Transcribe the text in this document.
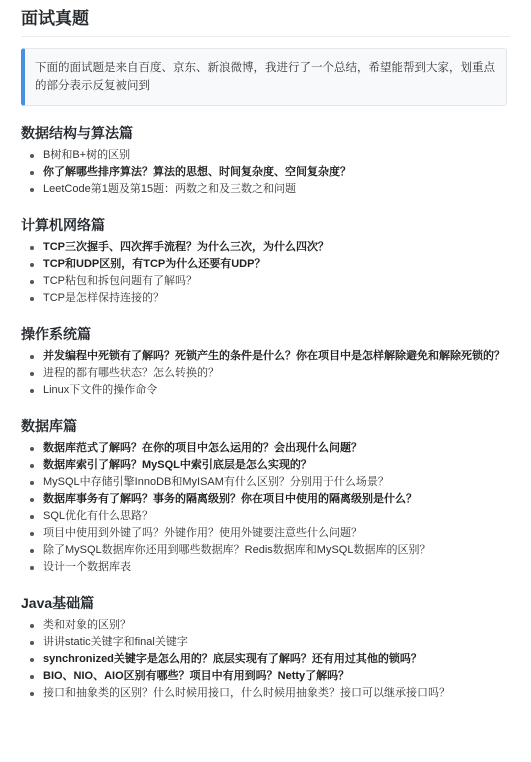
面试真题
下面的面试题是来自百度、京东、新浪微博，我进行了一个总结，希望能帮到大家，划重点的部分表示反复被问到
数据结构与算法篇
B树和B+树的区别
你了解哪些排序算法？算法的思想、时间复杂度、空间复杂度？
LeetCode第1题及第15题：两数之和及三数之和问题
计算机网络篇
TCP三次握手、四次挥手流程？为什么三次，为什么四次？
TCP和UDP区别，有TCP为什么还要有UDP？
TCP粘包和拆包问题有了解吗？
TCP是怎样保持连接的？
操作系统篇
并发编程中死锁有了解吗？死锁产生的条件是什么？你在项目中是怎样解除避免和解除死锁的？
进程的都有哪些状态？怎么转换的？
Linux下文件的操作命令
数据库篇
数据库范式了解吗？在你的项目中怎么运用的？会出现什么问题？
数据库索引了解吗？MySQL中索引底层是怎么实现的？
MySQL中存储引擎InnoDB和MyISAM有什么区别？分别用于什么场景？
数据库事务有了解吗？事务的隔离级别？你在项目中使用的隔离级别是什么？
SQL优化有什么思路？
项目中使用到外键了吗？外键作用？使用外键要注意些什么问题？
除了MySQL数据库你还用到哪些数据库？Redis数据库和MySQL数据库的区别？
设计一个数据库表
Java基础篇
类和对象的区别？
讲讲static关键字和final关键字
synchronized关键字是怎么用的？底层实现有了解吗？还有用过其他的锁吗？
BIO、NIO、AIO区别有哪些？项目中有用到吗？Netty了解吗？
接口和抽象类的区别？什么时候用接口，什么时候用抽象类？接口可以继承接口吗？
